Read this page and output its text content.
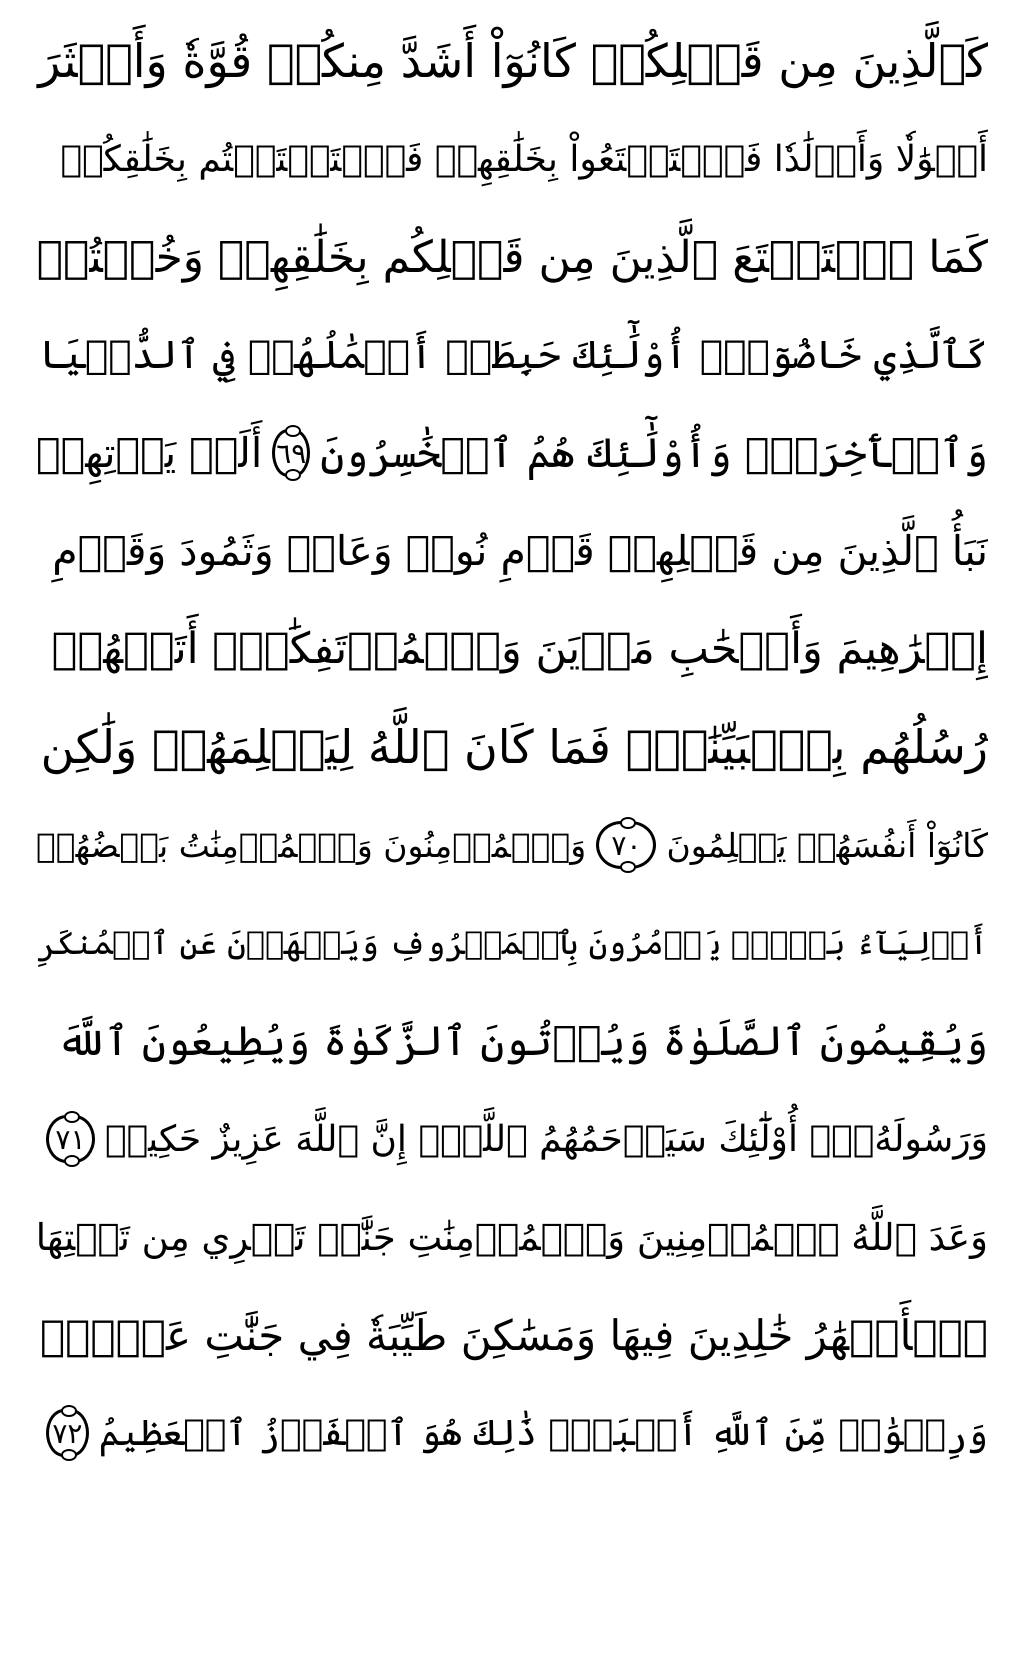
كَٱلَّذِينَ مِن قَبۡلِكُمۡ كَانُوٓاْ أَشَدَّ مِنكُمۡ قُوَّةٗ وَأَكۡثَرَ
أَمۡوَٰلٗا وَأَوۡلَٰدٗا فَٱسۡتَمۡتَعُواْ بِخَلَٰقِهِمۡ فَٱسۡتَمۡتَعۡتُم بِخَلَٰقِكُمۡ
كَمَا ٱسۡتَمۡتَعَ ٱلَّذِينَ مِن قَبۡلِكُم بِخَلَٰقِهِمۡ وَخُضۡتُمۡ
كَٱلَّذِي خَاضُوٓاْۚ أُوْلَٰٓئِكَ حَبِطَتۡ أَعۡمَٰلُهُمۡ فِي ٱلدُّنۡيَا
وَٱلۡأٓخِرَةِۖ وَأُوْلَٰٓئِكَ هُمُ ٱلۡخَٰسِرُونَ
٦٩
أَلَمۡ يَأۡتِهِمۡ
نَبَأُ ٱلَّذِينَ مِن قَبۡلِهِمۡ قَوۡمِ نُوحٖ وَعَادٖ وَثَمُودَ وَقَوۡمِ
إِبۡرَٰهِيمَ وَأَصۡحَٰبِ مَدۡيَنَ وَٱلۡمُؤۡتَفِكَٰتِۚ أَتَتۡهُمۡ
رُسُلُهُم بِٱلۡبَيِّنَٰتِۖ فَمَا كَانَ ٱللَّهُ لِيَظۡلِمَهُمۡ وَلَٰكِن
كَانُوٓاْ أَنفُسَهُمۡ يَظۡلِمُونَ
٧٠
وَٱلۡمُؤۡمِنُونَ وَٱلۡمُؤۡمِنَٰتُ بَعۡضُهُمۡ
أَوۡلِيَآءُ بَعۡضٖۚ يَأۡمُرُونَ بِٱلۡمَعۡرُوفِ وَيَنۡهَوۡنَ عَنِ ٱلۡمُنكَرِ
وَيُقِيمُونَ ٱلصَّلَوٰةَ وَيُؤۡتُونَ ٱلزَّكَوٰةَ وَيُطِيعُونَ ٱللَّهَ
وَرَسُولَهُۥٓۚ أُوْلَٰٓئِكَ سَيَرۡحَمُهُمُ ٱللَّهُۗ إِنَّ ٱللَّهَ عَزِيزٌ حَكِيمٞ
٧١
وَعَدَ ٱللَّهُ ٱلۡمُؤۡمِنِينَ وَٱلۡمُؤۡمِنَٰتِ جَنَّٰتٖ تَجۡرِي مِن تَحۡتِهَا
ٱلۡأَنۡهَٰرُ خَٰلِدِينَ فِيهَا وَمَسَٰكِنَ طَيِّبَةٗ فِي جَنَّٰتِ عَدۡنٖۚ
وَرِضۡوَٰنٞ مِّنَ ٱللَّهِ أَكۡبَرُۚ ذَٰلِكَ هُوَ ٱلۡفَوۡزُ ٱلۡعَظِيمُ
٧٢
